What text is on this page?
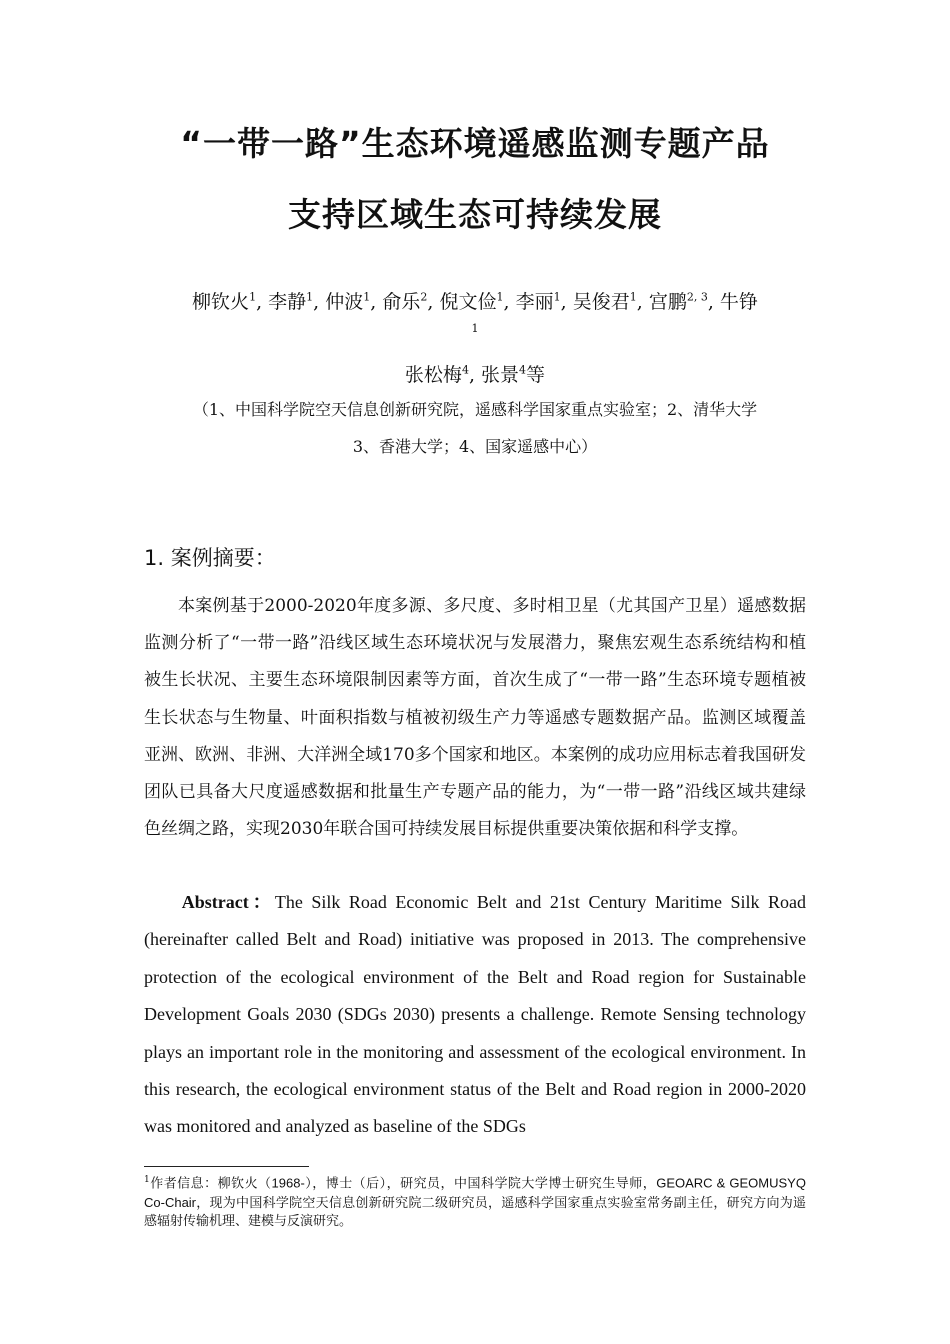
“一带一路”生态环境遥感监测专题产品
支持区域生态可持续发展
柳钦火$^1$, 李静$^1$, 仲波$^1$, 俞乐$^2$, 倪文俭$^1$, 李丽$^1$, 吴俊君$^1$, 宫鹏$^{2, 3}$, 牛铮
1
张松梅$^4$, 张景$^4$等
（1、中国科学院空天信息创新研究院，遥感科学国家重点实验室；2、清华大学
3、香港大学；4、国家遥感中心）
1. 案例摘要：

本案例基于2000-2020年度多源、多尺度、多时相卫星（尤其国产卫星）遥感数据监测分析了“一带一路”沿线区域生态环境状况与发展潜力，聚焦宏观生态系统结构和植被生长状况、主要生态环境限制因素等方面，首次生成了“一带一路”生态环境专题植被生长状态与生物量、叶面积指数与植被初级生产力等遥感专题数据产品。监测区域覆盖亚洲、欧洲、非洲、大洋洲全域170多个国家和地区。本案例的成功应用标志着我国研发团队已具备大尺度遥感数据和批量生产专题产品的能力，为“一带一路”沿线区域共建绿色丝绸之路，实现2030年联合国可持续发展目标提供重要决策依据和科学支撑。

Abstract：The Silk Road Economic Belt and 21st Century Maritime Silk Road (hereinafter called Belt and Road) initiative was proposed in 2013. The comprehensive protection of the ecological environment of the Belt and Road region for Sustainable Development Goals 2030 (SDGs 2030) presents a challenge. Remote Sensing technology plays an important role in the monitoring and assessment of the ecological environment. In this research, the ecological environment status of the Belt and Road region in 2000-2020 was monitored and analyzed as baseline of the SDGs

$^1$作者信息：柳钦火（1968-），博士（后），研究员，中国科学院大学博士研究生导师，GEOARC & GEOMUSYQ Co-Chair，现为中国科学院空天信息创新研究院二级研究员，遥感科学国家重点实验室常务副主任，研究方向为遥感辐射传输机理、建模与反演研究。
